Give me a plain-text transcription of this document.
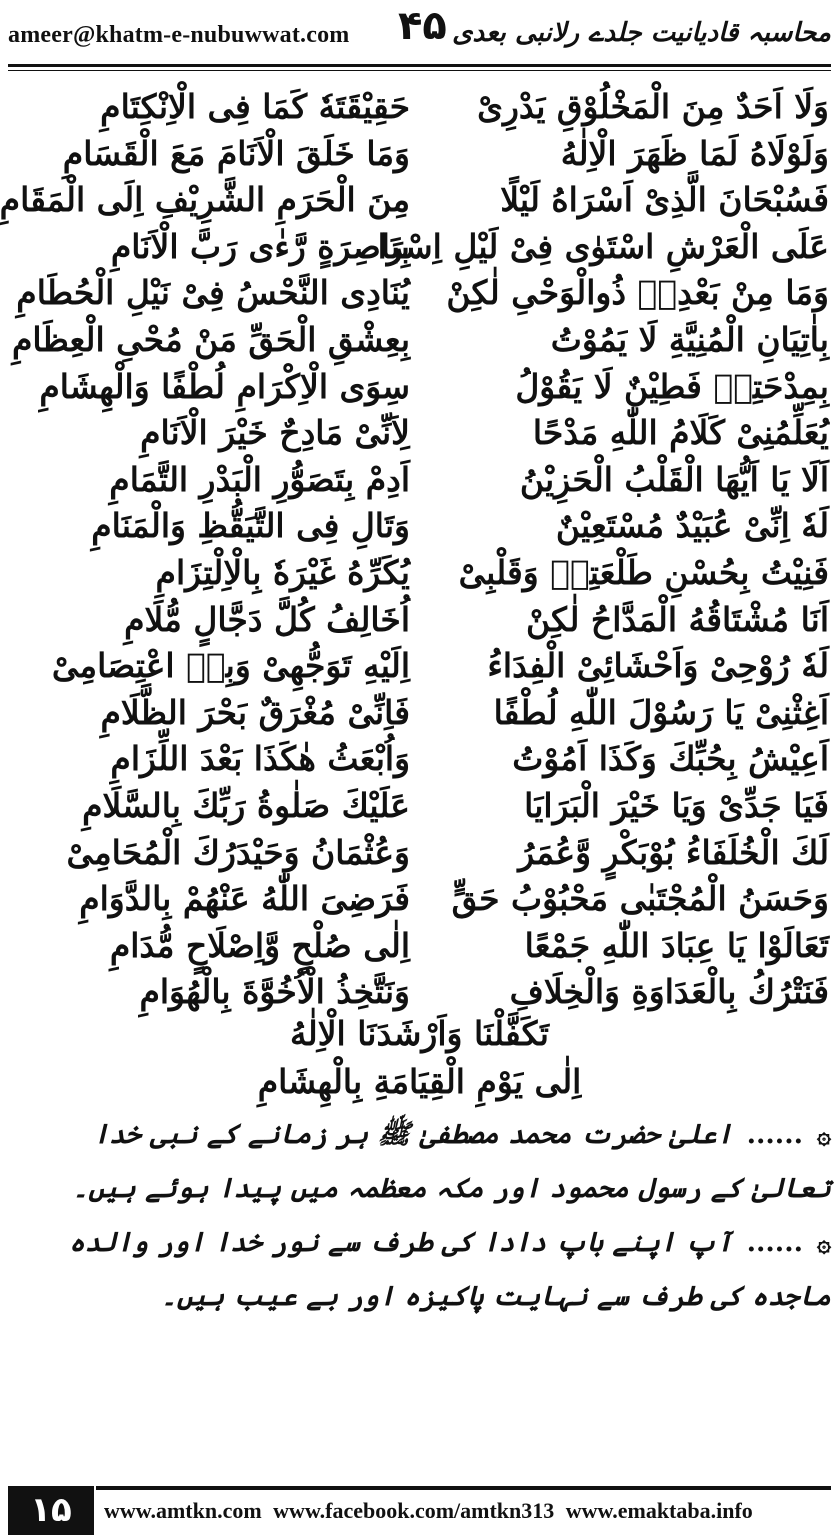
ameer@khatm-e-nubuwwat.com ۴۵ محاسبہ قادیانیت جلدے رلانبی بعدی
وَلَا اَحَدٌ مِنَ الْمَخْلُوْقِ يَدْرِىْ
حَقِيْقَتَهٗ كَمَا فِى الْاِنْكِتَامِ
وَلَوْلَاهُ لَمَا ظَهَرَ الْاِلٰهُ
وَمَا خَلَقَ الْاَنَامَ مَعَ الْقَسَامِ
فَسُبْحَانَ الَّذِىْ اَسْرَاهُ لَيْلًا
مِنَ الْحَرَمِ الشَّرِيْفِ اِلَى الْمَقَامِ
عَلَى الْعَرْشِ اسْتَوٰى فِىْ لَيْلِ اِسْرَا
بِبَاصِرَةٍ رَّءٰى رَبَّ الْاَنَامِ
وَمَا مِنْ بَعْدِهٖ ذُوالْوَحْىِ لٰكِنْ
يُنَادِى النَّحْسُ فِىْ نَيْلِ الْحُطَامِ
بِاٰتِيَانِ الْمُنِيَّةِ لَا يَمُوْتُ
بِعِشْقِ الْحَقِّ مَنْ مُحْىِ الْعِظَامِ
بِمِدْحَتِهٖ فَطِيْنٌ لَا يَقُوْلُ
سِوَى الْاِكْرَامِ لُطْفًا وَالْهِشَامِ
يُعَلِّمُنِىْ كَلَامُ اللّٰهِ مَدْحًا
لِاَنِّىْ مَادِحٌ خَيْرَ الْاَنَامِ
اَلَا يَا اَيُّهَا الْقَلْبُ الْحَزِيْنُ
اَدِمْ بِتَصَوُّرِ الْبَدْرِ التَّمَامِ
لَهٗ اِنِّىْ عُبَيْدٌ مُسْتَعِيْنٌ
وَتَالِ فِى التَّيَقُّظِ وَالْمَنَامِ
فَنِيْتُ بِحُسْنِ طَلْعَتِهٖ وَقَلْبِىْ
يُكَرِّهُ غَيْرَهٗ بِالْاِلْتِزَامِ
اَنَا مُشْتَاقُهُ الْمَدَّاحُ لٰكِنْ
اُخَالِفُ كُلَّ دَجَّالٍ مُّلَامِ
لَهٗ رُوْحِىْ وَاَحْشَائِىْ الْفِدَاءُ
اِلَيْهِ تَوَجُّهِىْ وَبِهٖ اعْتِصَامِىْ
اَغِثْنِىْ يَا رَسُوْلَ اللّٰهِ لُطْفًا
فَاِنِّىْ مُغْرَقٌ بَحْرَ الظَّلَامِ
اَعِيْشُ بِحُبِّكَ وَكَذَا اَمُوْتُ
وَاُبْعَثُ هٰكَذَا بَعْدَ اللِّزَامِ
فَيَا جَدِّىْ وَيَا خَيْرَ الْبَرَايَا
عَلَيْكَ صَلٰوةُ رَبِّكَ بِالسَّلَامِ
لَكَ الْخُلَفَاءُ بُوْبَكْرٍ وَّعُمَرُ
وَعُثْمَانُ وَحَيْدَرُكَ الْمُحَامِىْ
وَحَسَنُ الْمُجْتَبٰى مَحْبُوْبُ حَقٍّ
فَرَضِىَ اللّٰهُ عَنْهُمْ بِالدَّوَامِ
تَعَالَوْا يَا عِبَادَ اللّٰهِ جَمْعًا
اِلٰى صُلْحٍ وَّاِصْلَاحٍ مُّدَامِ
فَنَتْرُكُ بِالْعَدَاوَةِ وَالْخِلَافِ
وَنَتَّخِذُ الْاُخُوَّةَ بِالْهُوَامِ
تَكَفَّلْنَا وَاَرْشَدَنَا الْاِلٰهُ
اِلٰى يَوْمِ الْقِيَامَةِ بِالْهِشَامِ
۞......اعلیٰ حضرت محمد مصطفیٰ ﷺ ہر زمانے کے نبی خدا تعالیٰ کے رسول محمود اور مکہ معظمہ میں پیدا ہوئے ہیں۔
۞......آپ اپنے باپ دادا کی طرف سے نور خدا اور والدہ ماجدہ کی طرف سے نہایت پاکیزہ اور بے عیب ہیں۔
۱۵	www.amtkn.com www.facebook.com/amtkn313 www.emaktaba.info
